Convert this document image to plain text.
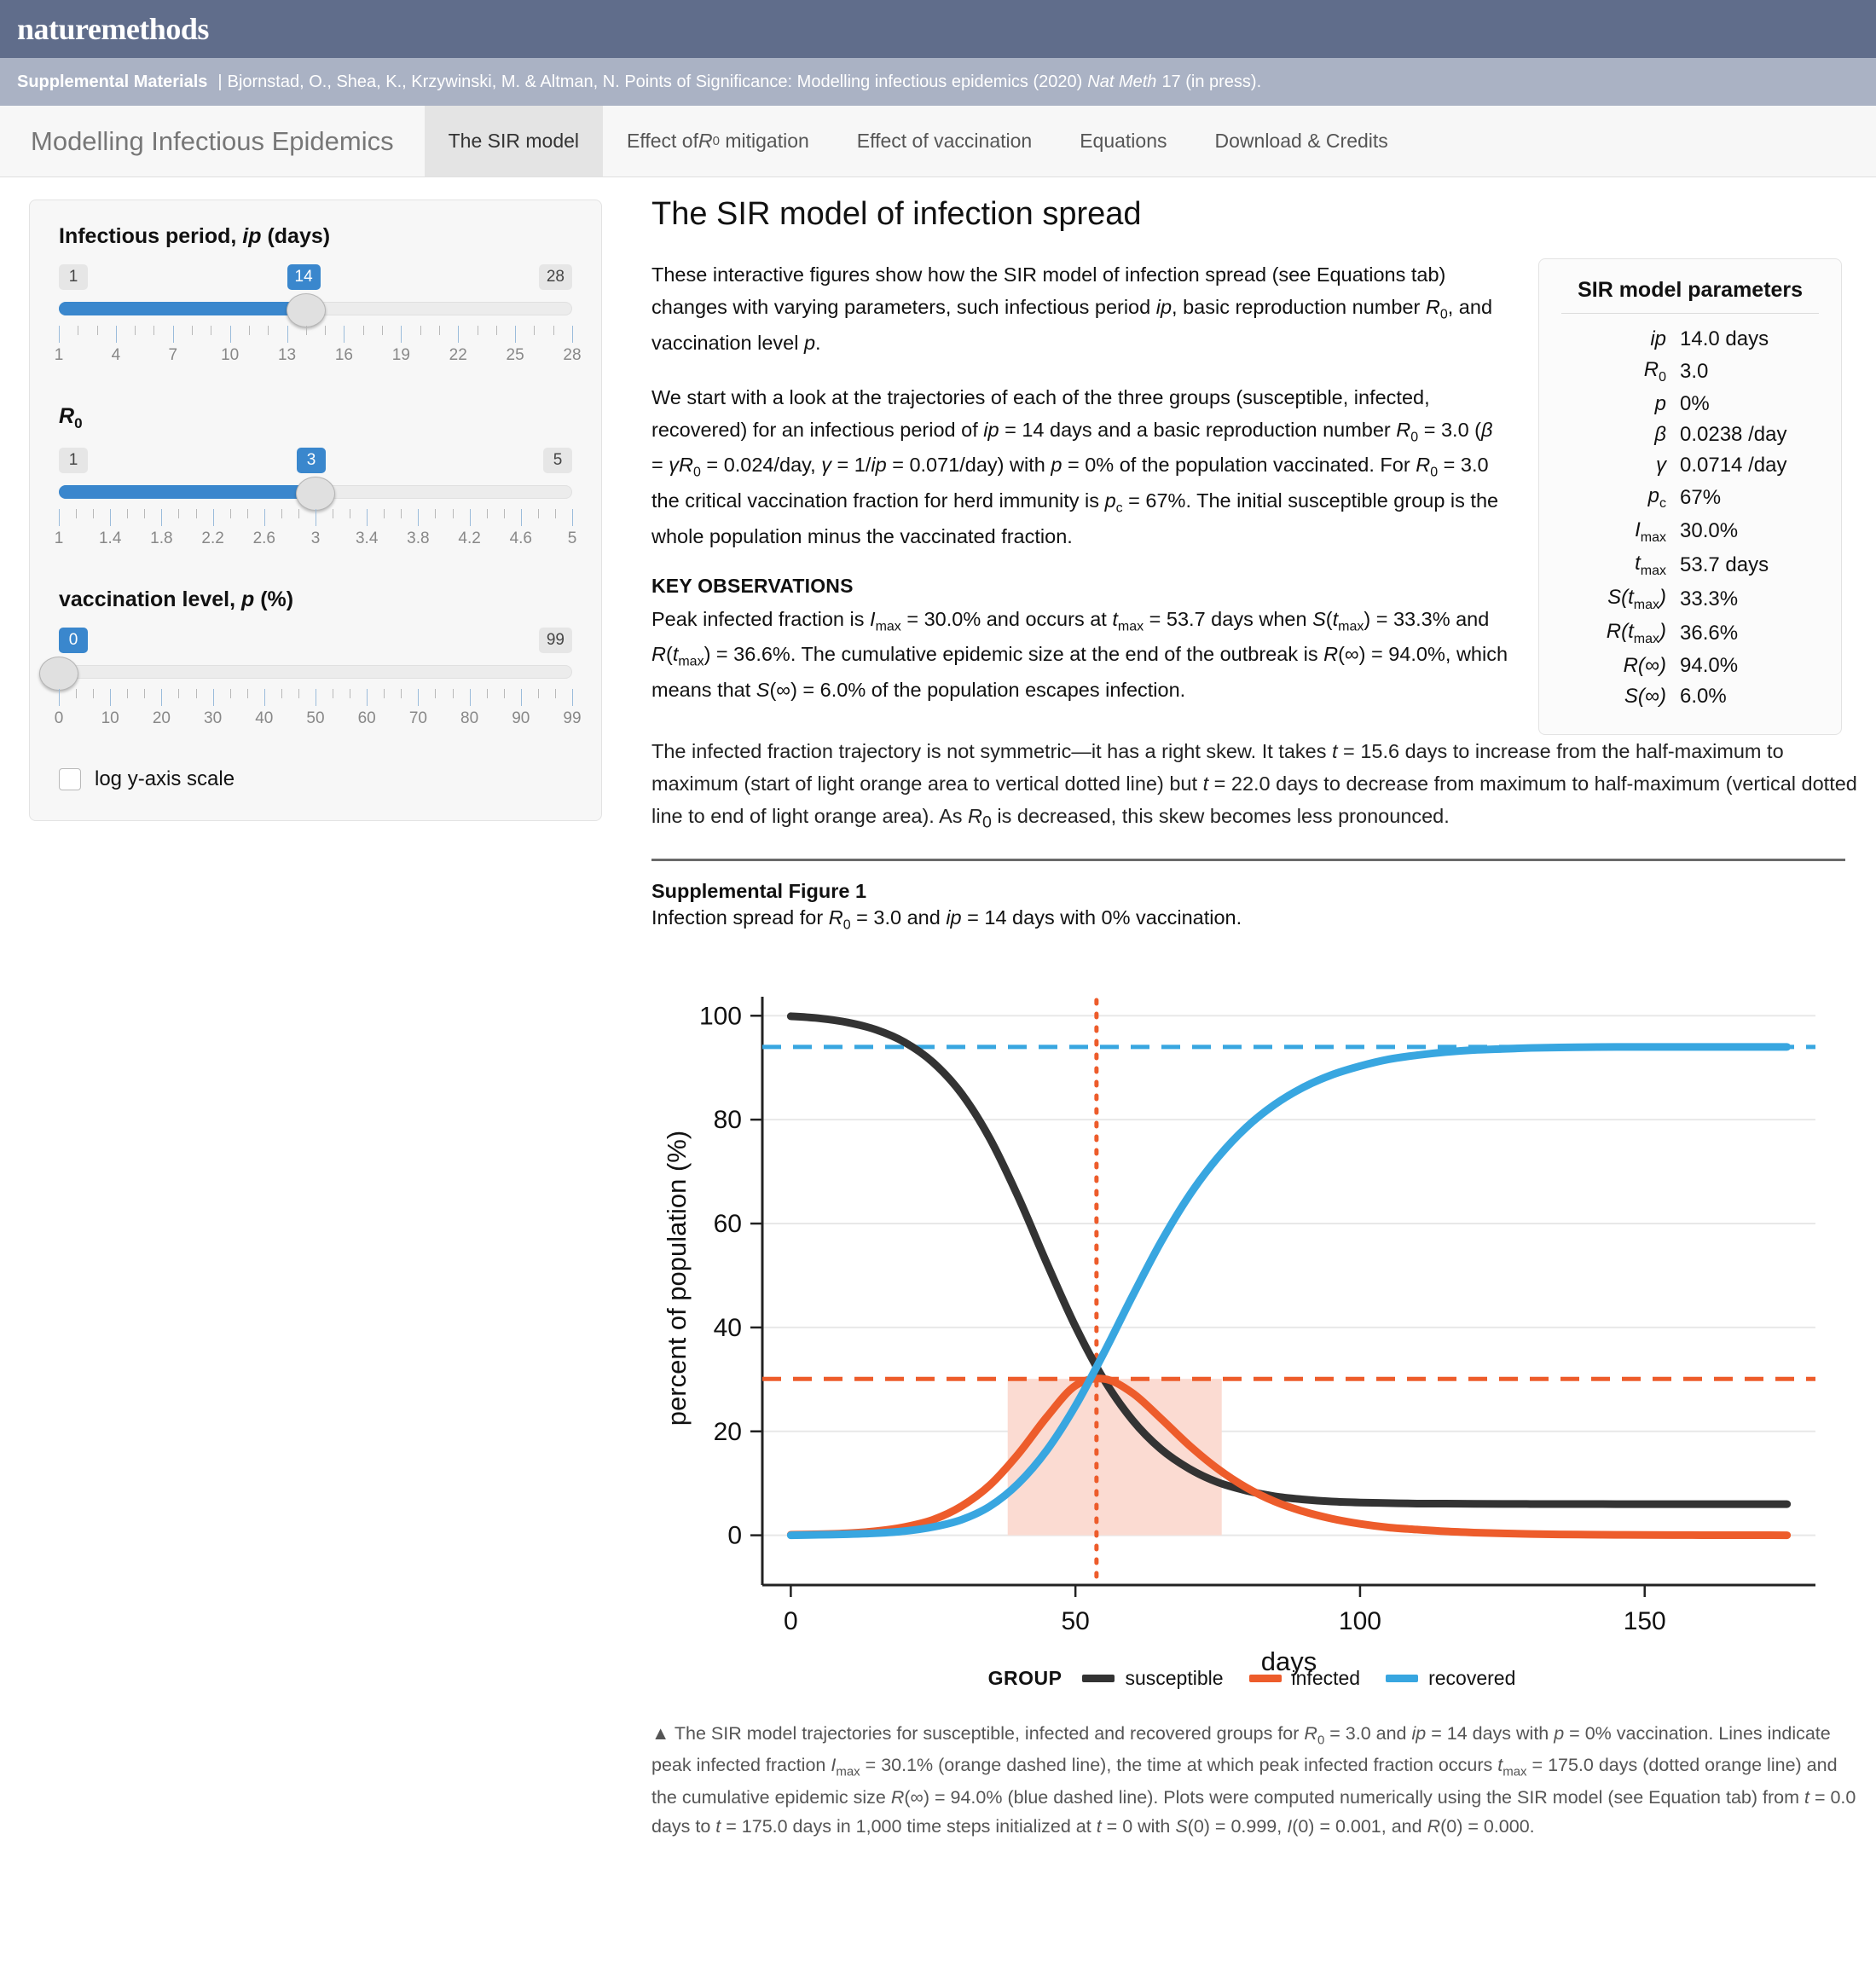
naturemethods
Supplemental Materials | Bjornstad, O., Shea, K., Krzywinski, M. & Altman, N. Points of Significance: Modelling infectious epidemics (2020) Nat Meth 17 (in press).
Modelling Infectious Epidemics	The SIR model	Effect of R 0 mitigation	Effect of vaccination Equations Download & Credits
Infectious period, ip (days)
1	14	28
1	4	7	10 13 16 19 22 25 28
$R_0$
1	3	5
1 1.4 1.8 2.2 2.6 3 3.4 3.8 4.2 4.6 5
vaccination level, p (%)
0	99
0 10 20 30 40 50 60 70 80 90 99
log y-axis scale
The SIR model of infection spread

These interactive figures show how the SIR model of infection spread (see Equations tab) changes with varying parameters, such infectious period ip, basic reproduction number $R_0$, and vaccination level p.

We start with a look at the trajectories of each of the three groups (susceptible, infected, recovered) for an infectious period of ip = 14 days and a basic reproduction number $R_0 = 3.0$ ($\beta = \gamma R_0 = 0.024/day$, γ = 1/ip = 0.071/day) with p = 0% of the population vaccinated. For $R_0 = 3.0$ the critical vaccination fraction for herd immunity is $p_c = 67\%$. The initial susceptible group is the whole population minus the vaccinated fraction.

KEY OBSERVATIONS

Peak infected fraction is $I_{max} = 30.0\%$ and occurs at $t_{max} = 53.7$ days when $S(t_{max}) = 33.3\%$ and $R(t_{max}) = 36.6\%$. The cumulative epidemic size at the end of the outbreak is R(∞) = 94.0%, which means that S(∞) = 6.0% of the population escapes infection.

SIR model parameters
ip	14.0 days
$R_0$	3.0
p	0%
β	0.0238 /day
γ	0.0714 /day
$p_c$	67%
$I_{max}$	30.0%
$t_{max}$	53.7 days
$S(t_{max})$	33.3%
$R(t_{max})$	36.6%
R(∞)	94.0%
S(∞)	6.0%

The infected fraction trajectory is not symmetric—it has a right skew. It takes t = 15.6 days to increase from the half-maximum to maximum (start of light orange area to vertical dotted line) but t = 22.0 days to decrease from maximum to half-maximum (vertical dotted line to end of light orange area). As $R_0$ is decreased, this skew becomes less pronounced.

Supplemental Figure 1
Infection spread for $R_0 = 3.0$ and ip = 14 days with 0% vaccination.
0
20
40
60
80
100
percent of population (%)
0	50	100	150
days
GROUP	susceptible	infected	recovered
▲ The SIR model trajectories for susceptible, infected and recovered groups for $R_0 = 3.0$ and ip = 14 days with p = 0% vaccination. Lines indicate peak infected fraction $I_{max} = 30.1\%$ (orange dashed line), the time at which peak infected fraction occurs $t_{max} = 175.0$ days (dotted orange line) and the cumulative epidemic size R(∞) = 94.0% (blue dashed line). Plots were computed numerically using the SIR model (see Equation tab) from t = 0.0 days to t = 175.0 days in 1,000 time steps initialized at t = 0 with S(0) = 0.999, I(0) = 0.001, and R(0) = 0.000.
